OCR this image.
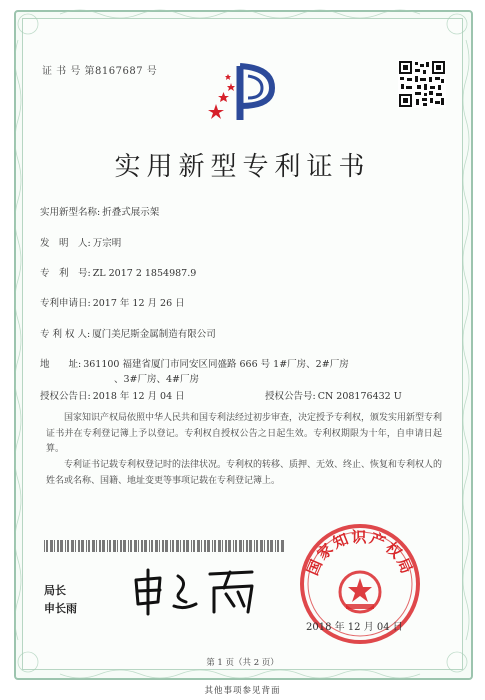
证 书 号 第8167687 号
实用新型专利证书
实用新型名称: 折叠式展示架
发　明　人: 万宗明
专　利　号: ZL 2017 2 1854987.9
专利申请日: 2017 年 12 月 26 日
专 利 权 人: 厦门美尼斯金属制造有限公司
地　　址: 361100 福建省厦门市同安区同盛路 666 号 1#厂房、2#厂房
、3#厂房、4#厂房
授权公告日: 2018 年 12 月 04 日	授权公告号: CN 208176432 U
国家知识产权局依照中华人民共和国专利法经过初步审查，决定授予专利权，颁发实用新型专利证书并在专利登记簿上予以登记。专利权自授权公告之日起生效。专利权期限为十年，自申请日起算。
专利证书记载专利权登记时的法律状况。专利权的转移、质押、无效、终止、恢复和专利权人的姓名或名称、国籍、地址变更等事项记载在专利登记簿上。
局长
申长雨
国家知识产权局
2018 年 12 月 04 日
第 1 页（共 2 页）
其他事项参见背面
